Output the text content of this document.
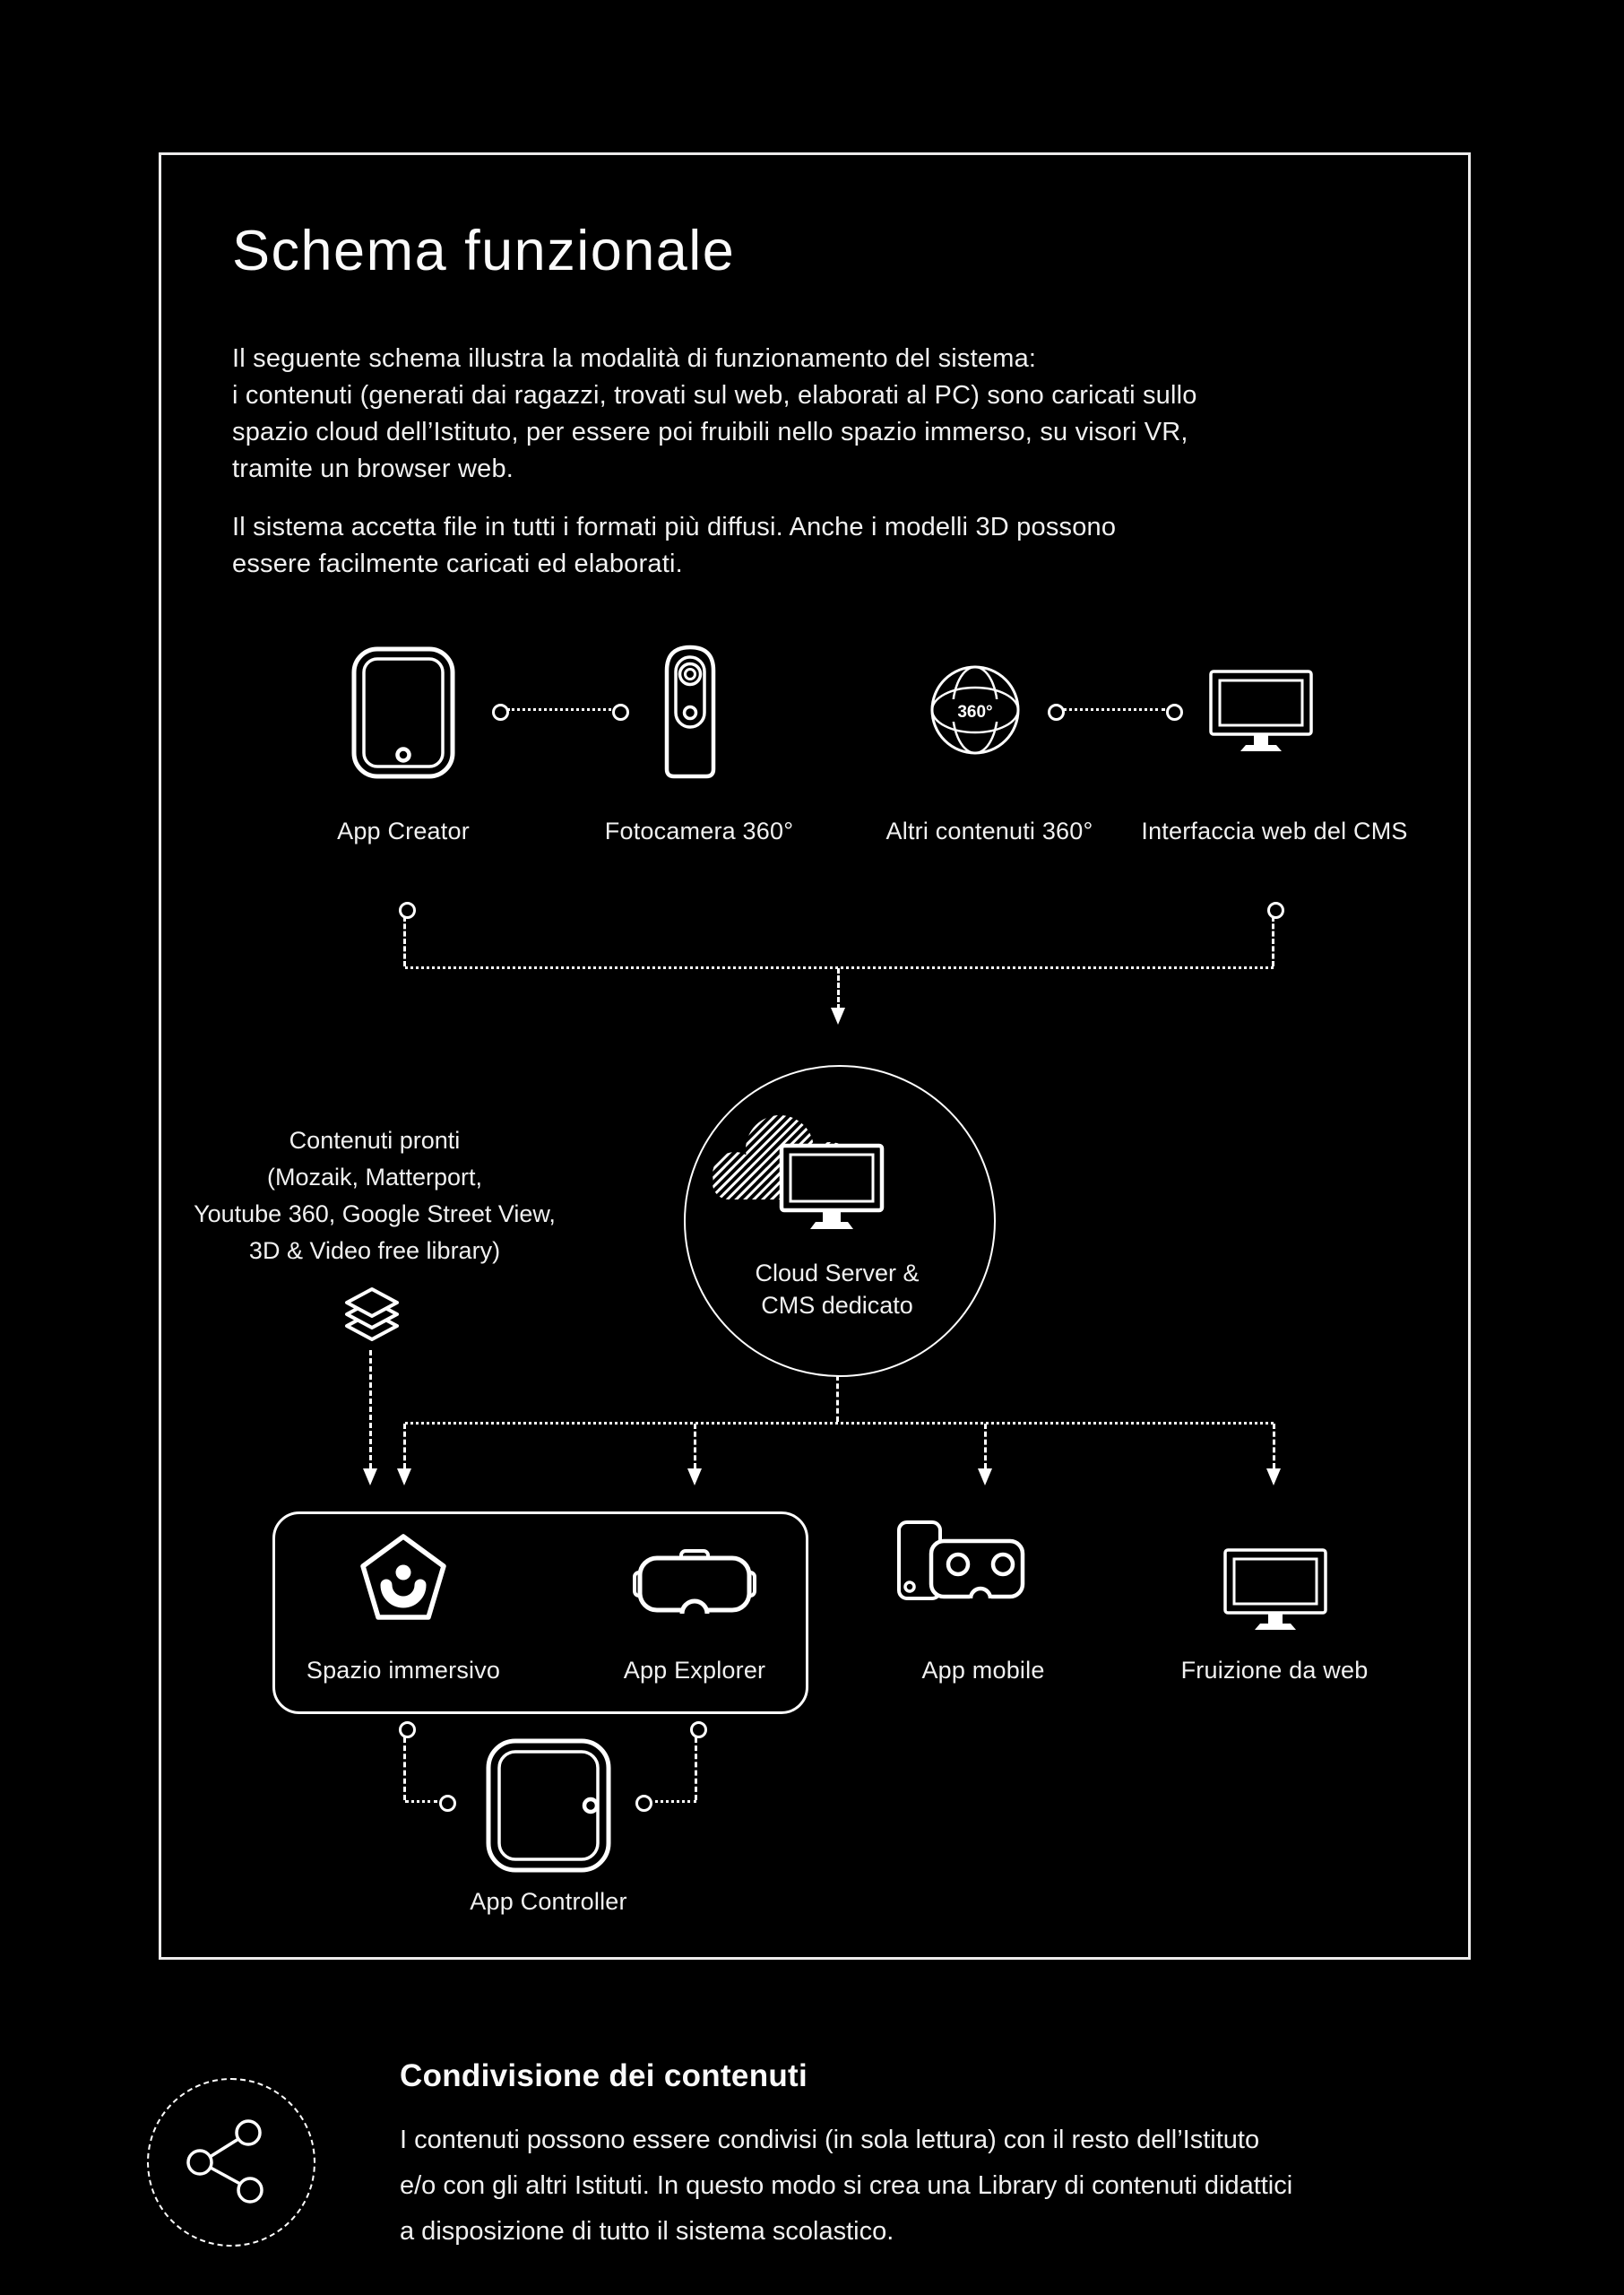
Schema funzionale
Il seguente schema illustra la modalità di funzionamento del sistema:
i contenuti (generati dai ragazzi, trovati sul web, elaborati al PC) sono caricati sullo
spazio cloud dell’Istituto, per essere poi fruibili nello spazio immerso, su visori VR,
tramite un browser web.
Il sistema accetta file in tutti i formati più diffusi. Anche i modelli 3D possono
essere facilmente caricati ed elaborati.
360°
App Creator	Fotocamera 360°	Altri contenuti 360° Interfaccia web del CMS
Contenuti pronti
(Mozaik, Matterport,
Youtube 360, Google Street View,
3D & Video free library)
Cloud Server &
CMS dedicato
Spazio immersivo	App Explorer	App mobile	Fruizione da web
App Controller
Condivisione dei contenuti
I contenuti possono essere condivisi (in sola lettura) con il resto dell’Istituto
e/o con gli altri Istituti. In questo modo si crea una Library di contenuti didattici
a disposizione di tutto il sistema scolastico.
